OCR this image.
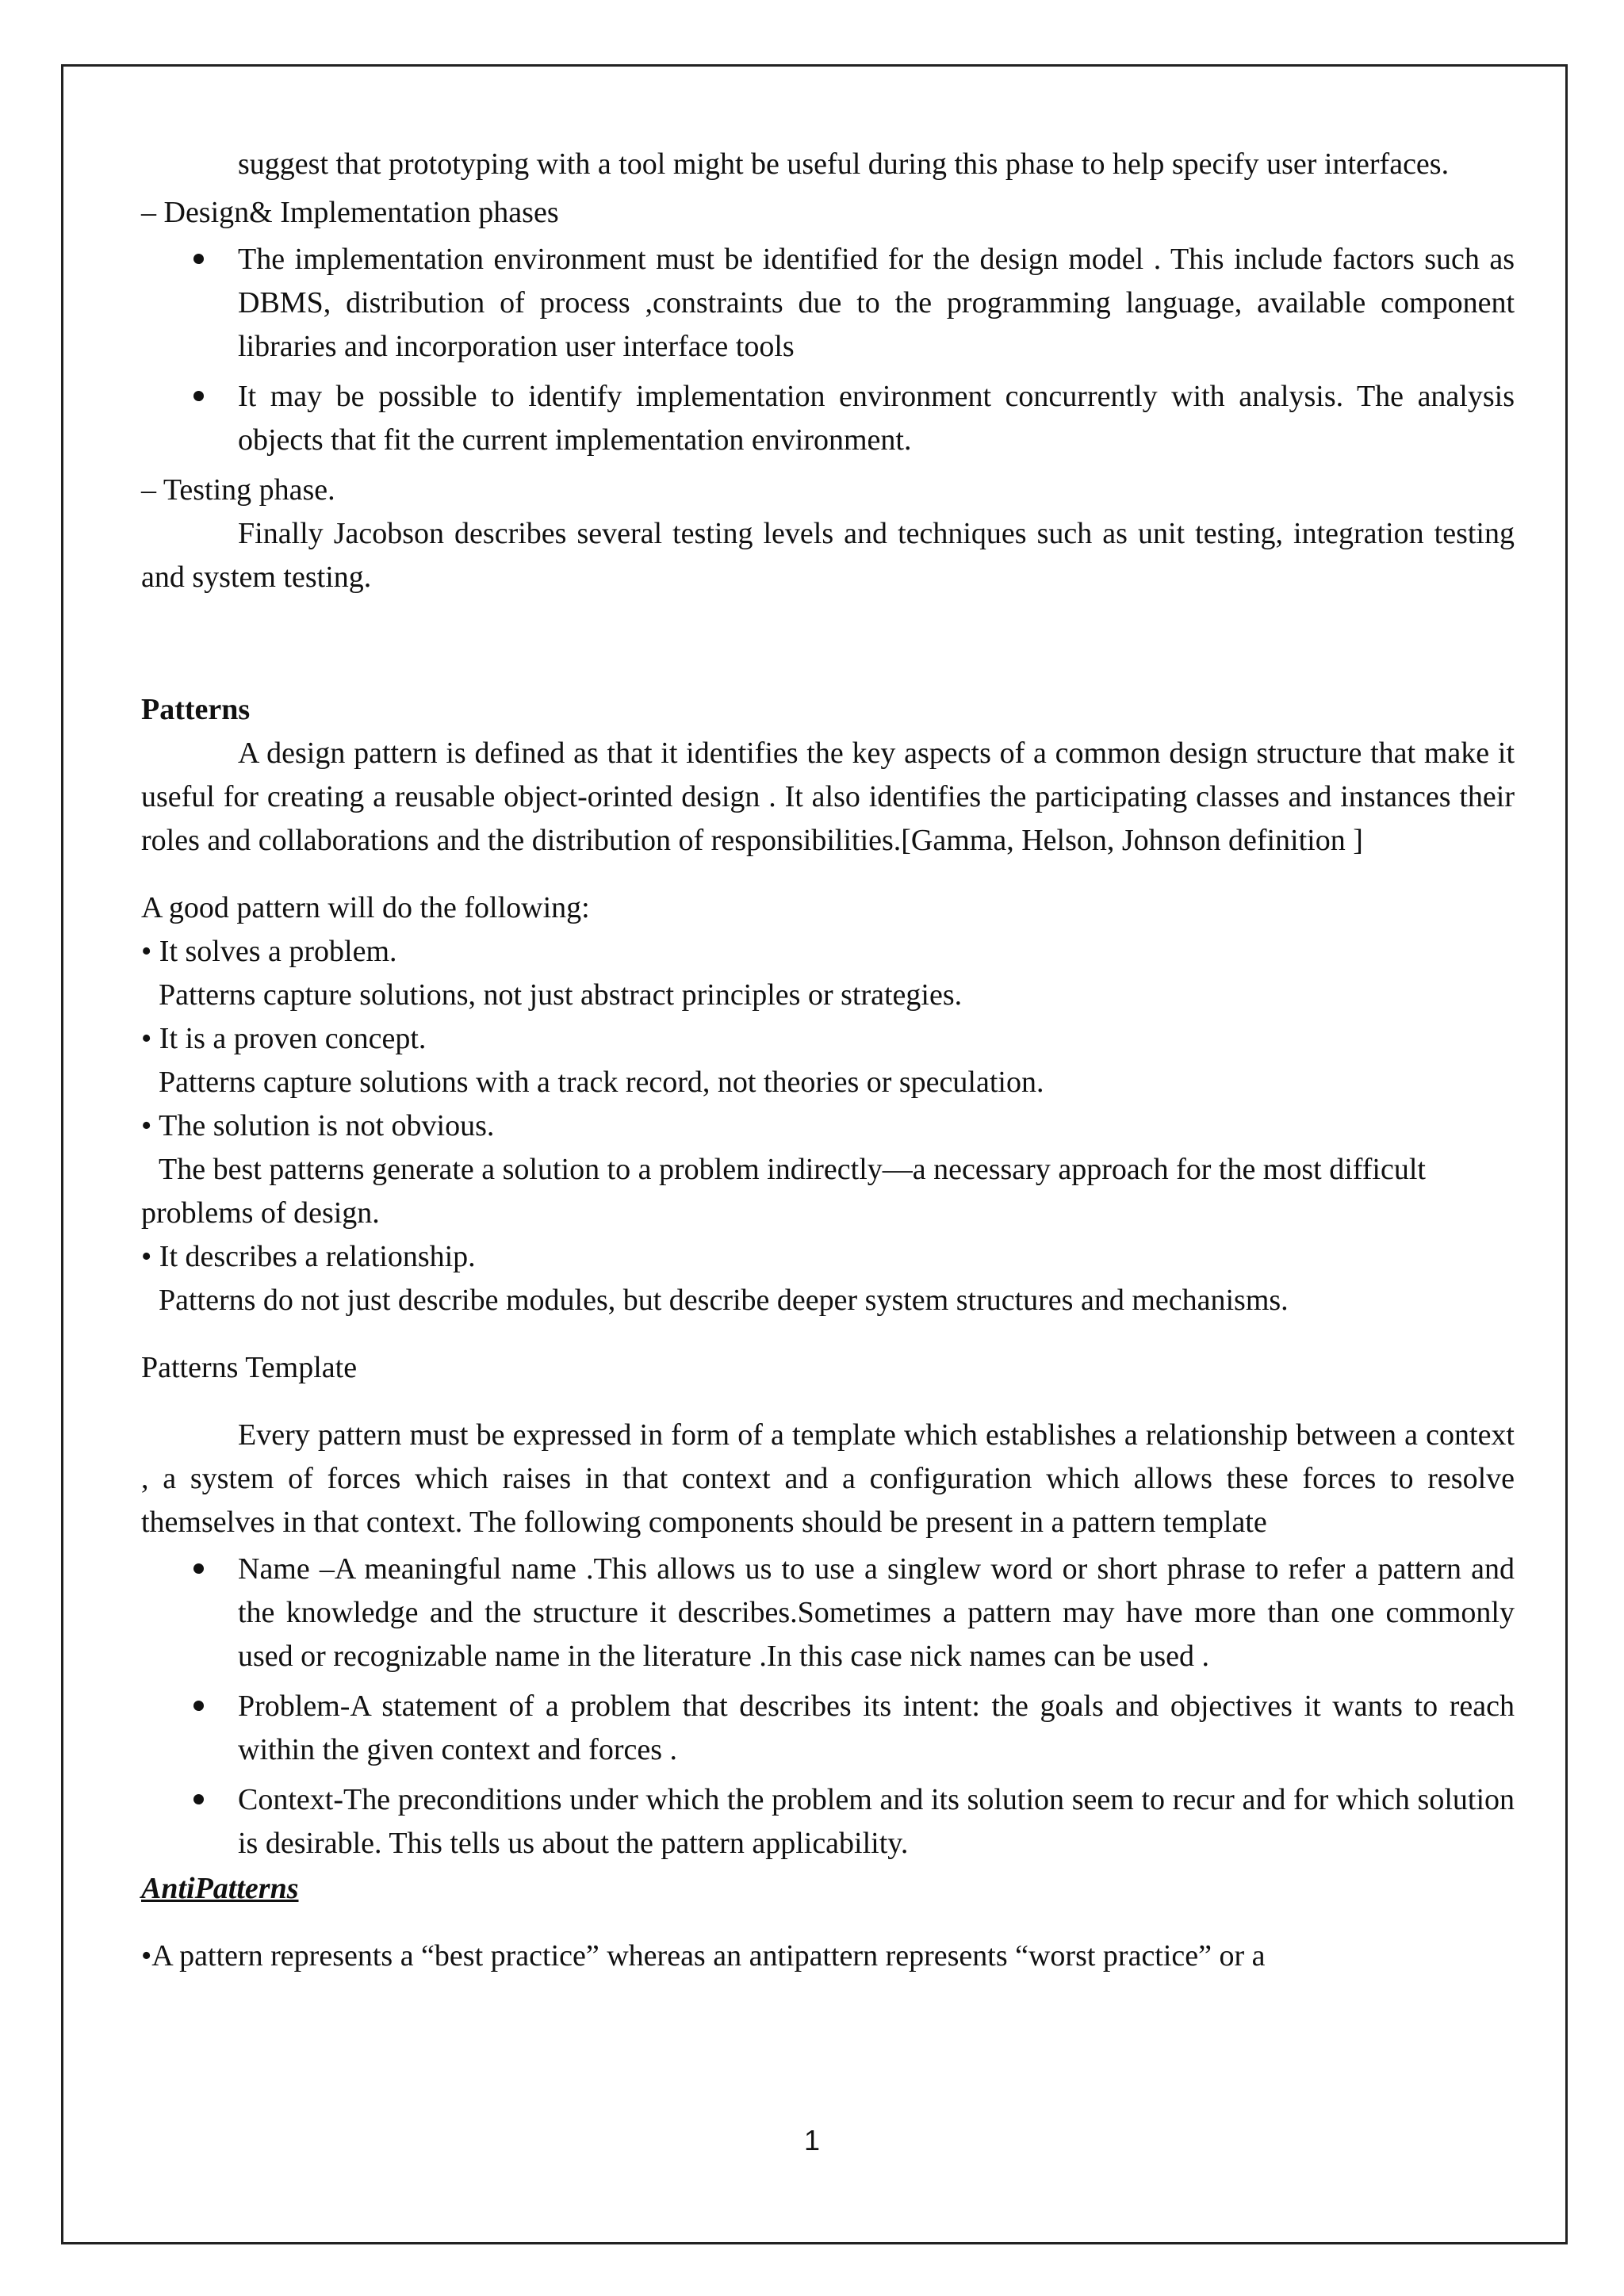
suggest that prototyping with a tool might be useful during this phase to help specify user interfaces.

– Design& Implementation phases

The implementation environment must be identified for the design model . This include factors such as DBMS, distribution of process ,constraints due to the programming language, available component libraries and incorporation user interface tools
It may be possible to identify implementation environment concurrently with analysis. The analysis objects that fit the current implementation environment.

– Testing phase.

Finally Jacobson describes several testing levels and techniques such as unit testing, integration testing and system testing.

Patterns

A design pattern is defined as that it identifies the key aspects of a common design structure that make it useful for creating a reusable object-orinted design . It also identifies the participating classes and instances their roles and collaborations and the distribution of responsibilities.[Gamma, Helson, Johnson definition ]

A good pattern will do the following:

• It solves a problem.

Patterns capture solutions, not just abstract principles or strategies.

• It is a proven concept.

Patterns capture solutions with a track record, not theories or speculation.

• The solution is not obvious.

The best patterns generate a solution to a problem indirectly—a necessary approach for the most difficult problems of design.

• It describes a relationship.

Patterns do not just describe modules, but describe deeper system structures and mechanisms.

Patterns Template

Every pattern must be expressed in form of a template which establishes a relationship between a context , a system of forces which raises in that context and a configuration which allows these forces to resolve themselves in that context. The following components should be present in a pattern template

Name –A meaningful name .This allows us to use a singlew word or short phrase to refer a pattern and the knowledge and the structure it describes.Sometimes a pattern may have more than one commonly used or recognizable name in the literature .In this case nick names can be used .
Problem-A statement of a problem that describes its intent: the goals and objectives it wants to reach within the given context and forces .
Context-The preconditions under which the problem and its solution seem to recur and for which solution is desirable. This tells us about the pattern applicability.

AntiPatterns

•A pattern represents a “best practice” whereas an antipattern represents “worst practice” or a

1
